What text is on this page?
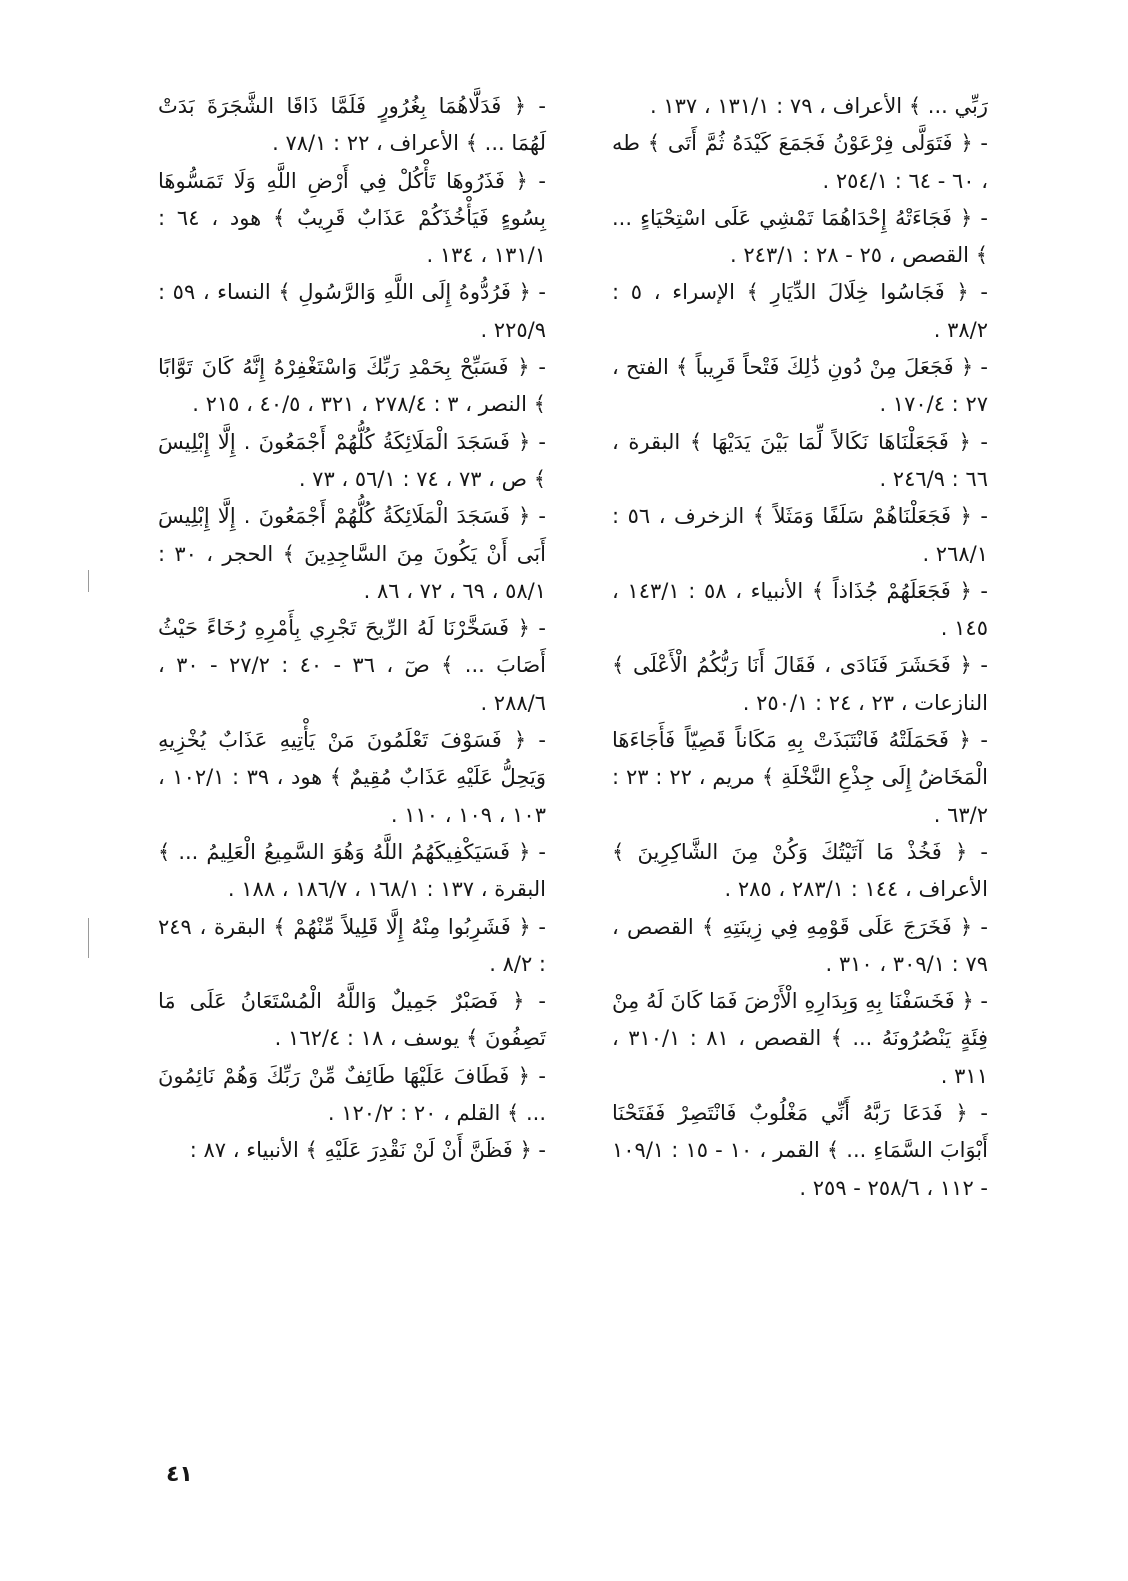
رَبِّي ... ﴾ الأعراف ، ٧٩ : ١٣١/١ ، ١٣٧ .

- ﴿ فَتَوَلَّى فِرْعَوْنُ فَجَمَعَ كَيْدَهُ ثُمَّ أَتَى ﴾ طه ، ٦٠ - ٦٤ : ٢٥٤/١ .

- ﴿ فَجَاءَتْهُ إِحْدَاهُمَا تَمْشِي عَلَى اسْتِحْيَاءٍ ... ﴾ القصص ، ٢٥ - ٢٨ : ٢٤٣/١ .

- ﴿ فَجَاسُوا خِلَالَ الدِّيَارِ ﴾ الإسراء ، ٥ : ٣٨/٢ .

- ﴿ فَجَعَلَ مِنْ دُونِ ذَٰلِكَ فَتْحاً قَرِيباً ﴾ الفتح ، ٢٧ : ١٧٠/٤ .

- ﴿ فَجَعَلْنَاهَا نَكَالاً لِّمَا بَيْنَ يَدَيْهَا ﴾ البقرة ، ٦٦ : ٢٤٦/٩ .

- ﴿ فَجَعَلْنَاهُمْ سَلَفًا وَمَثَلاً ﴾ الزخرف ، ٥٦ : ٢٦٨/١ .

- ﴿ فَجَعَلَهُمْ جُذَاذاً ﴾ الأنبياء ، ٥٨ : ١٤٣/١ ، ١٤٥ .

- ﴿ فَحَشَرَ فَنَادَى ، فَقَالَ أَنَا رَبُّكُمُ الْأَعْلَى ﴾ النازعات ، ٢٣ ، ٢٤ : ٢٥٠/١ .

- ﴿ فَحَمَلَتْهُ فَانْتَبَذَتْ بِهِ مَكَاناً قَصِيّاً فَأَجَاءَهَا الْمَخَاضُ إِلَى جِذْعِ النَّخْلَةِ ﴾ مريم ، ٢٢ : ٢٣ : ٦٣/٢ .

- ﴿ فَخُذْ مَا آتَيْتُكَ وَكُنْ مِنَ الشَّاكِرِينَ ﴾ الأعراف ، ١٤٤ : ٢٨٣/١ ، ٢٨٥ .

- ﴿ فَخَرَجَ عَلَى قَوْمِهِ فِي زِينَتِهِ ﴾ القصص ، ٧٩ : ٣٠٩/١ ، ٣١٠ .

- ﴿ فَخَسَفْنَا بِهِ وَبِدَارِهِ الْأَرْضَ فَمَا كَانَ لَهُ مِنْ فِئَةٍ يَنْصُرُونَهُ ... ﴾ القصص ، ٨١ : ٣١٠/١ ، ٣١١ .

- ﴿ فَدَعَا رَبَّهُ أَنِّي مَغْلُوبٌ فَانْتَصِرْ فَفَتَحْنَا أَبْوَابَ السَّمَاءِ ... ﴾ القمر ، ١٠ - ١٥ : ١٠٩/١ - ١١٢ ، ٢٥٨/٦ - ٢٥٩ .

- ﴿ فَدَلَّاهُمَا بِغُرُورٍ فَلَمَّا ذَاقَا الشَّجَرَةَ بَدَتْ لَهُمَا ... ﴾ الأعراف ، ٢٢ : ٧٨/١ .

- ﴿ فَذَرُوهَا تَأْكُلْ فِي أَرْضِ اللَّهِ وَلَا تَمَسُّوهَا بِسُوءٍ فَيَأْخُذَكُمْ عَذَابٌ قَرِيبٌ ﴾ هود ، ٦٤ : ١٣١/١ ، ١٣٤ .

- ﴿ فَرُدُّوهُ إِلَى اللَّهِ وَالرَّسُولِ ﴾ النساء ، ٥٩ : ٢٢٥/٩ .

- ﴿ فَسَبِّحْ بِحَمْدِ رَبِّكَ وَاسْتَغْفِرْهُ إِنَّهُ كَانَ تَوَّابًا ﴾ النصر ، ٣ : ٢٧٨/٤ ، ٣٢١ ، ٤٠/٥ ، ٢١٥ .

- ﴿ فَسَجَدَ الْمَلَائِكَةُ كُلُّهُمْ أَجْمَعُونَ . إِلَّا إِبْلِيسَ ﴾ ص ، ٧٣ ، ٧٤ : ٥٦/١ ، ٧٣ .

- ﴿ فَسَجَدَ الْمَلَائِكَةُ كُلُّهُمْ أَجْمَعُونَ . إِلَّا إِبْلِيسَ أَبَى أَنْ يَكُونَ مِنَ السَّاجِدِينَ ﴾ الحجر ، ٣٠ : ٥٨/١ ، ٦٩ ، ٧٢ ، ٨٦ .

- ﴿ فَسَخَّرْنَا لَهُ الرِّيحَ تَجْرِي بِأَمْرِهِ رُخَاءً حَيْثُ أَصَابَ ... ﴾ صٓ ، ٣٦ - ٤٠ : ٢٧/٢ - ٣٠ ، ٢٨٨/٦ .

- ﴿ فَسَوْفَ تَعْلَمُونَ مَنْ يَأْتِيهِ عَذَابٌ يُخْزِيهِ وَيَحِلُّ عَلَيْهِ عَذَابٌ مُقِيمٌ ﴾ هود ، ٣٩ : ١٠٢/١ ، ١٠٣ ، ١٠٩ ، ١١٠ .

- ﴿ فَسَيَكْفِيكَهُمُ اللَّهُ وَهُوَ السَّمِيعُ الْعَلِيمُ ... ﴾ البقرة ، ١٣٧ : ١٦٨/١ ، ١٨٦/٧ ، ١٨٨ .

- ﴿ فَشَرِبُوا مِنْهُ إِلَّا قَلِيلاً مِّنْهُمْ ﴾ البقرة ، ٢٤٩ : ٨/٢ .

- ﴿ فَصَبْرٌ جَمِيلٌ وَاللَّهُ الْمُسْتَعَانُ عَلَى مَا تَصِفُونَ ﴾ يوسف ، ١٨ : ١٦٢/٤ .

- ﴿ فَطَافَ عَلَيْهَا طَائِفٌ مِّنْ رَبِّكَ وَهُمْ نَائِمُونَ ... ﴾ القلم ، ٢٠ : ١٢٠/٢ .

- ﴿ فَظَنَّ أَنْ لَنْ نَقْدِرَ عَلَيْهِ ﴾ الأنبياء ، ٨٧ :

٤١
